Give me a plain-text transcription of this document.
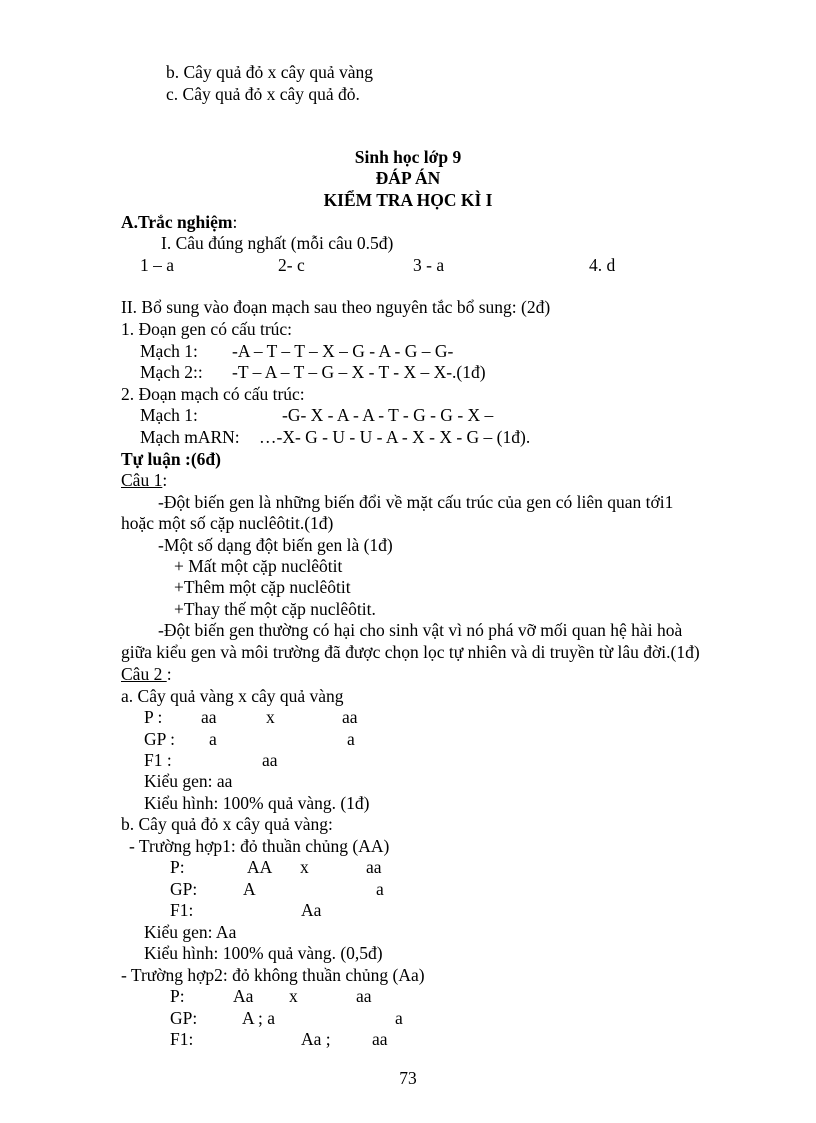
b. Cây quả đỏ x cây quả vàng
c. Cây quả đỏ x cây quả đỏ.
Sinh học lớp 9
ĐÁP ÁN
KIỂM TRA HỌC KÌ I
A.Trắc nghiệm:
I. Câu đúng nghất (mỗi câu 0.5đ)
1 – a	2- c	3 - a	4. d
II. Bổ sung vào đoạn mạch sau theo nguyên tắc bổ sung: (2đ)
1. Đoạn gen có cấu trúc:
Mạch 1: -A – T – T – X – G - A - G – G-
Mạch 2:: -T – A – T – G – X - T - X – X-.(1đ)
2. Đoạn mạch có cấu trúc:
Mạch 1:	-G- X - A - A - T - G - G - X –
Mạch mARN: …-X- G - U - U - A - X - X - G – (1đ).
Tự luận :(6đ)
Câu 1:
-Đột biến gen là những biến đổi về mặt cấu trúc của gen có liên quan tới1
hoặc một số cặp nuclêôtit.(1đ)
-Một số dạng đột biến gen là (1đ)
+ Mất một cặp nuclêôtit
+Thêm một cặp nuclêôtit
+Thay thế một cặp nuclêôtit.
-Đột biến gen thường có hại cho sinh vật vì nó phá vỡ mối quan hệ hài hoà
giữa kiểu gen và môi trường đã được chọn lọc tự nhiên và di truyền từ lâu đời.(1đ)
Câu 2 :
a. Cây quả vàng x cây quả vàng
P : aa	x	aa
GP : a	a
F1 :	aa
Kiểu gen: aa
Kiểu hình: 100% quả vàng. (1đ)
b. Cây quả đỏ x cây quả vàng:
- Trường hợp1: đỏ thuần chủng (AA)
P:	AA x	aa
GP:	A	a
F1:	Aa
Kiểu gen: Aa
Kiểu hình: 100% quả vàng. (0,5đ)
- Trường hợp2: đỏ không thuần chủng (Aa)
P:	Aa x	aa
GP:	A ; a	a
F1:	Aa ; aa
73
